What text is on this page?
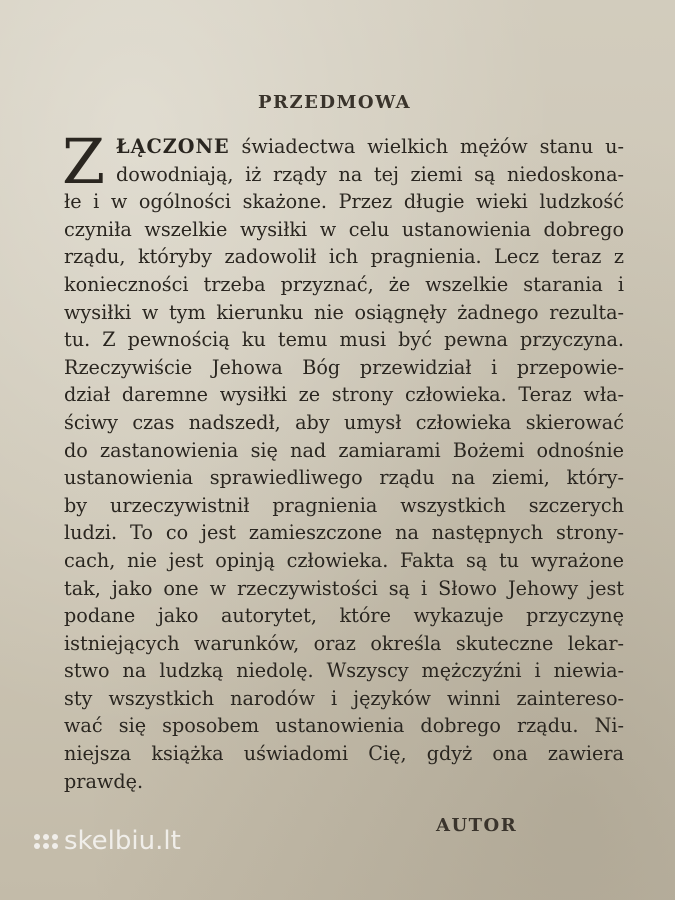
PRZEDMOWA
Z ŁĄCZONE świadectwa wielkich mężów stanu u-
dowodniają, iż rządy na tej ziemi są niedoskona-
łe i w ogólności skażone. Przez długie wieki ludzkość
czyniła wszelkie wysiłki w celu ustanowienia dobrego
rządu, któryby zadowolił ich pragnienia. Lecz teraz z
konieczności trzeba przyznać, że wszelkie starania i
wysiłki w tym kierunku nie osiągnęły żadnego rezulta-
tu. Z pewnością ku temu musi być pewna przyczyna.
Rzeczywiście Jehowa Bóg przewidział i przepowie-
dział daremne wysiłki ze strony człowieka. Teraz wła-
ściwy czas nadszedł, aby umysł człowieka skierować
do zastanowienia się nad zamiarami Bożemi odnośnie
ustanowienia sprawiedliwego rządu na ziemi, który-
by urzeczywistnił pragnienia wszystkich szczerych
ludzi. To co jest zamieszczone na następnych strony-
cach, nie jest opinją człowieka. Fakta są tu wyrażone
tak, jako one w rzeczywistości są i Słowo Jehowy jest
podane jako autorytet, które wykazuje przyczynę
istniejących warunków, oraz określa skuteczne lekar-
stwo na ludzką niedolę. Wszyscy mężczyźni i niewia-
sty wszystkich narodów i języków winni zaintereso-
wać się sposobem ustanowienia dobrego rządu. Ni-
niejsza książka uświadomi Cię, gdyż ona zawiera
prawdę.
AUTOR
skelbiu.lt
